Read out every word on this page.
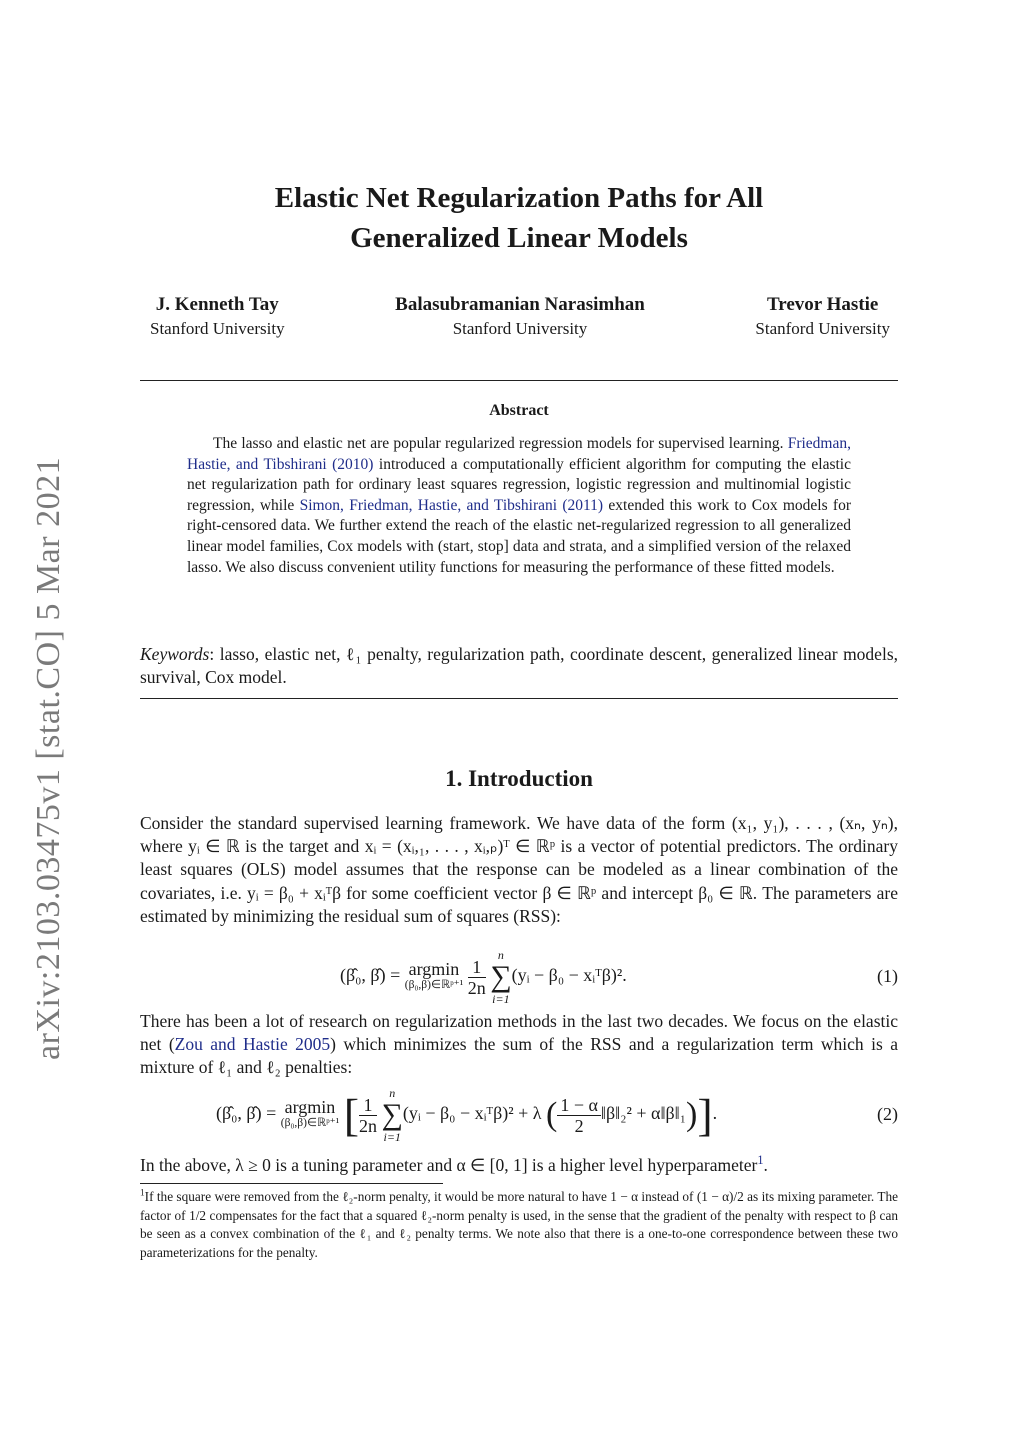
arXiv:2103.03475v1 [stat.CO] 5 Mar 2021
Elastic Net Regularization Paths for All
Generalized Linear Models
J. Kenneth Tay
Stanford University
Balasubramanian Narasimhan
Stanford University
Trevor Hastie
Stanford University
Abstract
The lasso and elastic net are popular regularized regression models for supervised learning. Friedman, Hastie, and Tibshirani (2010) introduced a computationally efficient algorithm for computing the elastic net regularization path for ordinary least squares regression, logistic regression and multinomial logistic regression, while Simon, Friedman, Hastie, and Tibshirani (2011) extended this work to Cox models for right-censored data. We further extend the reach of the elastic net-regularized regression to all generalized linear model families, Cox models with (start, stop] data and strata, and a simplified version of the relaxed lasso. We also discuss convenient utility functions for measuring the performance of these fitted models.
Keywords: lasso, elastic net, ℓ₁ penalty, regularization path, coordinate descent, generalized linear models, survival, Cox model.
1. Introduction
Consider the standard supervised learning framework. We have data of the form (x₁, y₁), . . . , (xₙ, yₙ), where yᵢ ∈ ℝ is the target and xᵢ = (xᵢ,₁, . . . , xᵢ,ₚ)ᵀ ∈ ℝᵖ is a vector of potential predictors. The ordinary least squares (OLS) model assumes that the response can be modeled as a linear combination of the covariates, i.e. yᵢ = β₀ + xᵢᵀβ for some coefficient vector β ∈ ℝᵖ and intercept β₀ ∈ ℝ. The parameters are estimated by minimizing the residual sum of squares (RSS):
(β̂₀, β̂) = argmin
(β₀,β)∈ℝᵖ⁺¹
$\frac{1}{2n}$

n
∑
i=1
(yᵢ − β₀ − xᵢᵀβ)².	(1)
There has been a lot of research on regularization methods in the last two decades. We focus on the elastic net (Zou and Hastie 2005) which minimizes the sum of the RSS and a regularization term which is a mixture of ℓ₁ and ℓ₂ penalties:
(β̂₀, β̂) = argmin
(β₀,β)∈ℝᵖ⁺¹ [ $\frac{1}{2n}$

n
∑
i=1
(yᵢ − β₀ − xᵢᵀβ)² + λ ( $\frac{1 - \alpha}{2}$ ‖β‖₂² + α‖β‖₁)].	(2)
In the above, λ ≥ 0 is a tuning parameter and α ∈ [0, 1] is a higher level hyperparameter$^1$.
$^1$If the square were removed from the ℓ₂-norm penalty, it would be more natural to have 1 − α instead of (1 − α)/2 as its mixing parameter. The factor of 1/2 compensates for the fact that a squared ℓ₂-norm penalty is used, in the sense that the gradient of the penalty with respect to β can be seen as a convex combination of the ℓ₁ and ℓ₂ penalty terms. We note also that there is a one-to-one correspondence between these two parameterizations for the penalty.
